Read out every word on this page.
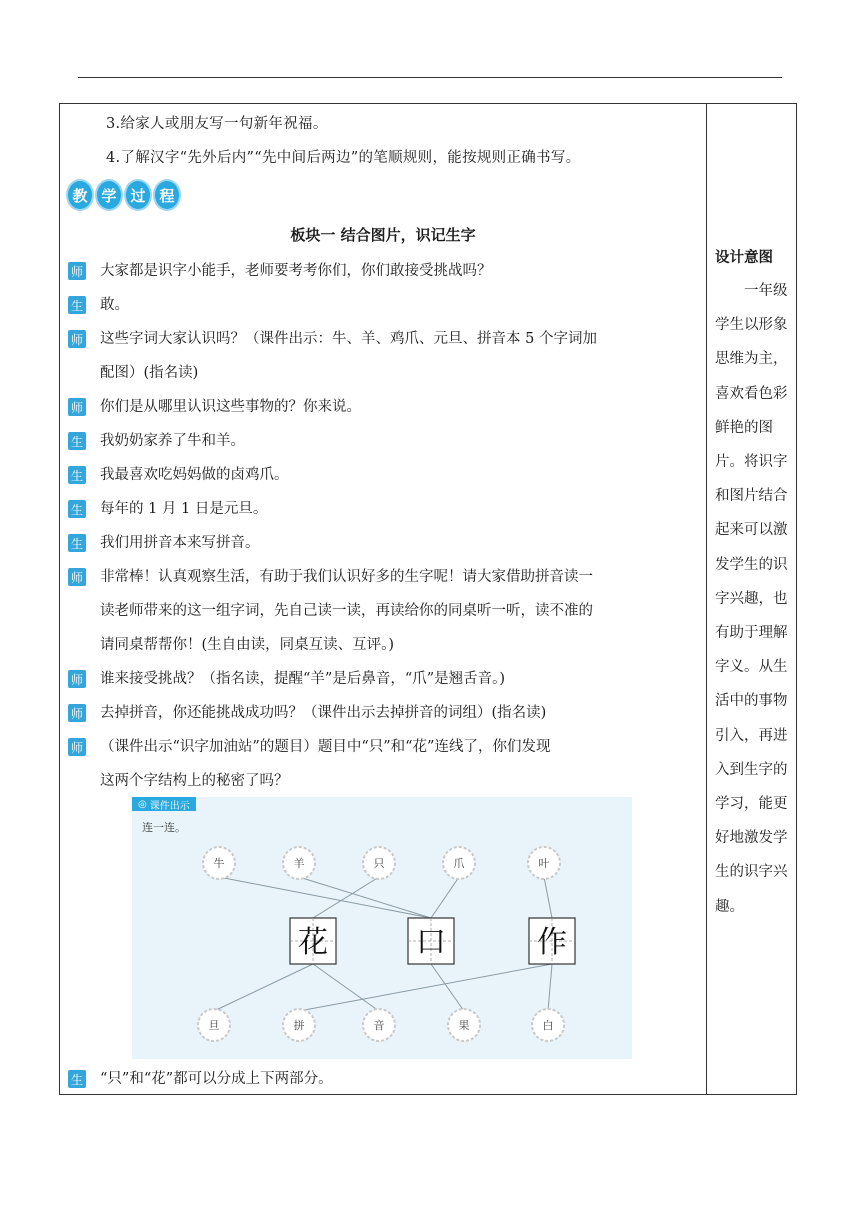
3.给家人或朋友写一句新年祝福。
4.了解汉字“先外后内”“先中间后两边”的笔顺规则，能按规则正确书写。
教 学 过 程
板块一 结合图片，识记生字
师 大家都是识字小能手，老师要考考你们，你们敢接受挑战吗？
生 敢。
师 这些字词大家认识吗？（课件出示：牛、羊、鸡爪、元旦、拼音本 5 个字词加
配图）(指名读)
师 你们是从哪里认识这些事物的？你来说。
生 我奶奶家养了牛和羊。
生 我最喜欢吃妈妈做的卤鸡爪。
生 每年的 1 月 1 日是元旦。
生 我们用拼音本来写拼音。
师 非常棒！认真观察生活，有助于我们认识好多的生字呢！请大家借助拼音读一
读老师带来的这一组字词，先自己读一读，再读给你的同桌听一听，读不准的
请同桌帮帮你！(生自由读，同桌互读、互评。)
师 谁来接受挑战？（指名读，提醒“羊”是后鼻音，“爪”是翘舌音。)
师 去掉拼音，你还能挑战成功吗？（课件出示去掉拼音的词组）(指名读)
师 （课件出示“识字加油站”的题目）题目中“只”和“花”连线了，你们发现
这两个字结构上的秘密了吗？
生 “只”和“花”都可以分成上下两部分。
牛	羊	只	爪	叶
旦	拼	音	果	白
花	口	作
◎ 课件出示
连一连。
设计意图
一年级学生以形象思维为主，喜欢看色彩鲜艳的图片。将识字和图片结合起来可以激发学生的识字兴趣，也有助于理解字义。从生活中的事物引入，再进入到生字的学习，能更好地激发学生的识字兴趣。
